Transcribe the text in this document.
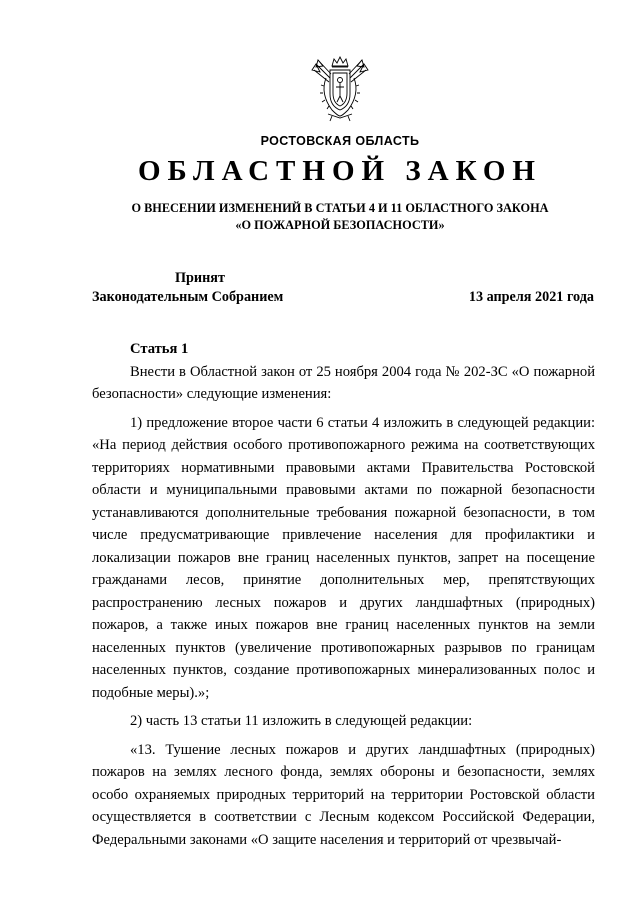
РОСТОВСКАЯ ОБЛАСТЬ
ОБЛАСТНОЙ ЗАКОН
О ВНЕСЕНИИ ИЗМЕНЕНИЙ В СТАТЬИ 4 И 11 ОБЛАСТНОГО ЗАКОНА
«О ПОЖАРНОЙ БЕЗОПАСНОСТИ»
Принят
Законодательным Собранием	13 апреля 2021 года
Статья 1

Внести в Областной закон от 25 ноября 2004 года № 202-ЗС «О пожарной безопасности» следующие изменения:

1) предложение второе части 6 статьи 4 изложить в следующей редакции: «На период действия особого противопожарного режима на соответствующих территориях нормативными правовыми актами Правительства Ростовской области и муниципальными правовыми актами по пожарной безопасности устанавливаются дополнительные требования пожарной безопасности, в том числе предусматривающие привлечение населения для профилактики и локализации пожаров вне границ населенных пунктов, запрет на посещение гражданами лесов, принятие дополнительных мер, препятствующих распространению лесных пожаров и других ландшафтных (природных) пожаров, а также иных пожаров вне границ населенных пунктов на земли населенных пунктов (увеличение противопожарных разрывов по границам населенных пунктов, создание противопожарных минерализованных полос и подобные меры).»;

2) часть 13 статьи 11 изложить в следующей редакции:

«13. Тушение лесных пожаров и других ландшафтных (природных) пожаров на землях лесного фонда, землях обороны и безопасности, землях особо охраняемых природных территорий на территории Ростовской области осуществляется в соответствии с Лесным кодексом Российской Федерации, Федеральными законами «О защите населения и территорий от чрезвычай-
